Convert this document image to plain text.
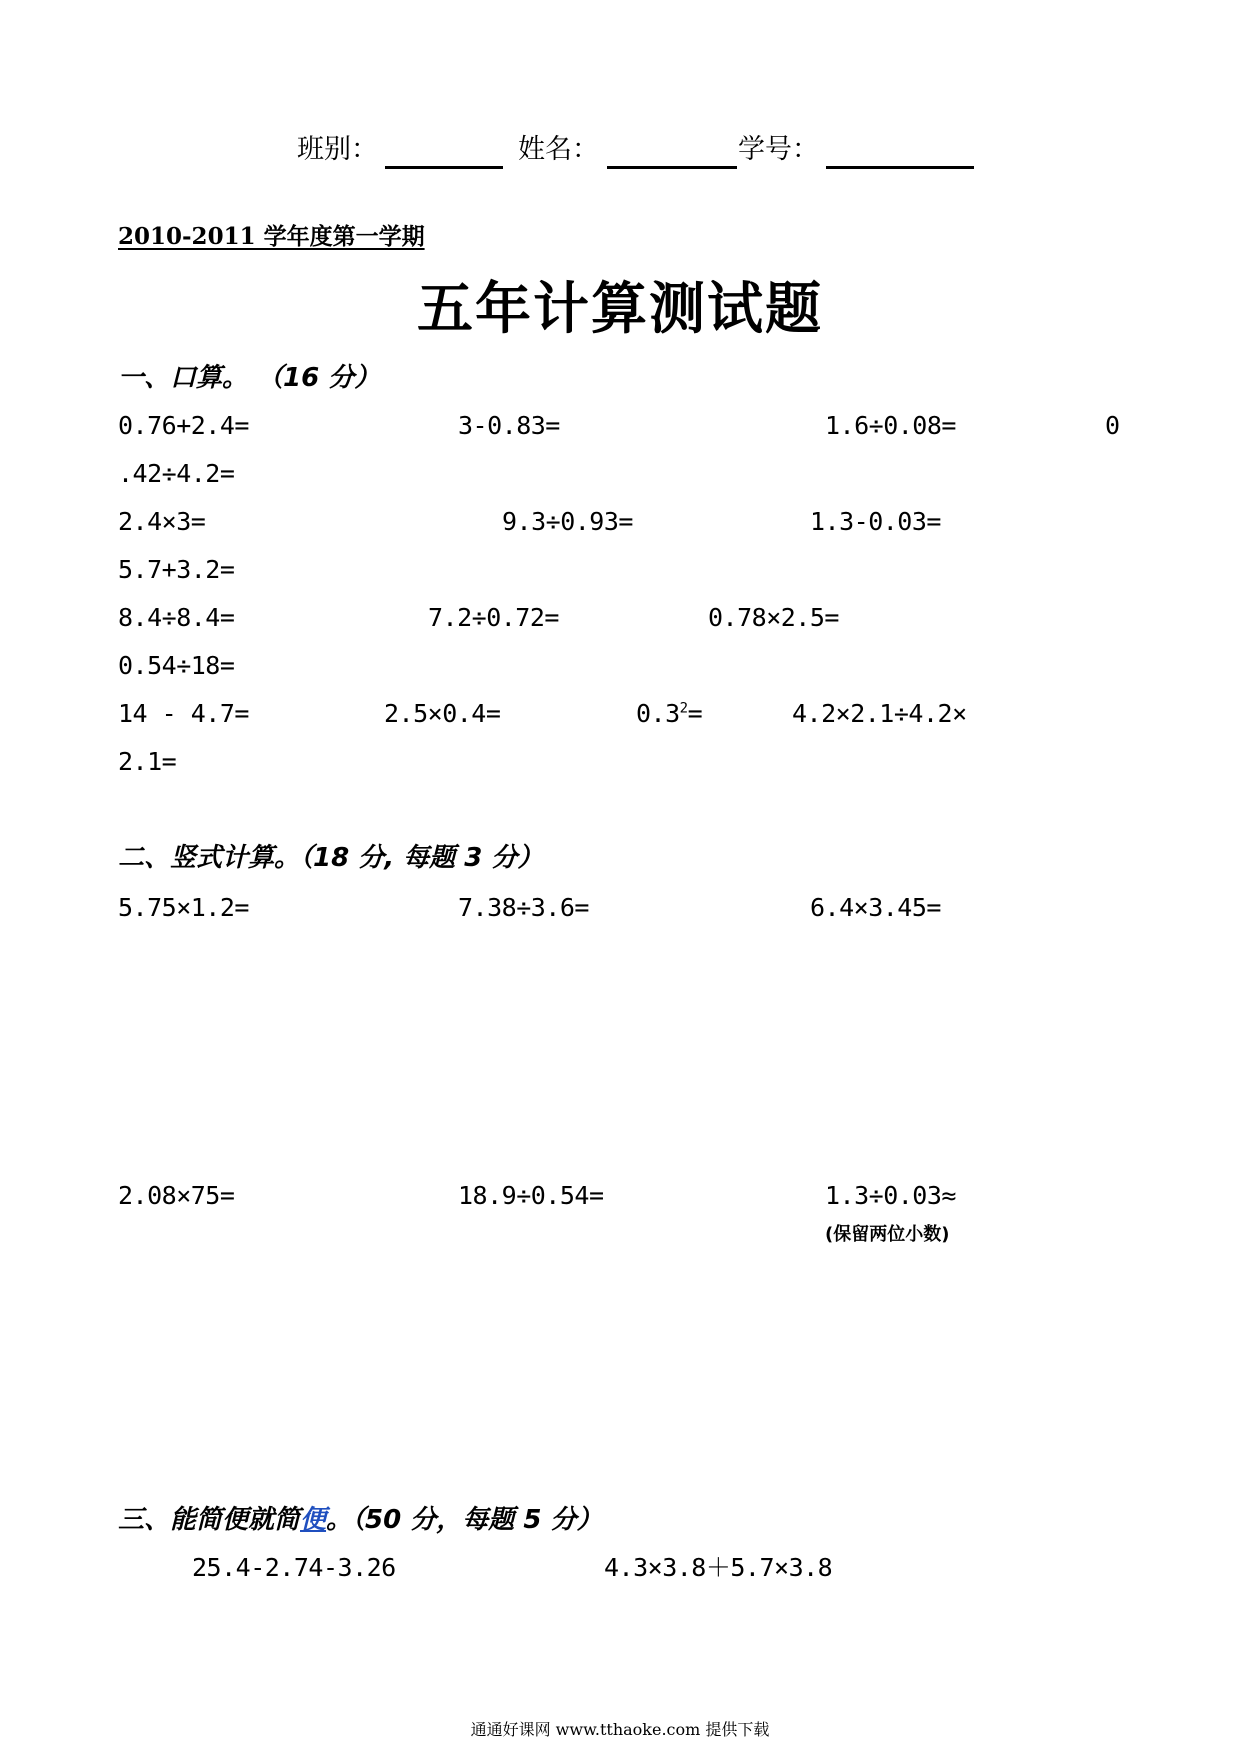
班别：	姓名：	学号：
2010-2011 学年度第一学期
五年计算测试题
一、口算。 （16 分）
0.76+2.4=	3-0.83=	1.6÷0.08=	0
.42÷4.2=
2.4×3=	9.3÷0.93=	1.3-0.03=
5.7+3.2=
8.4÷8.4=	7.2÷0.72=	0.78×2.5=
0.54÷18=
14 - 4.7=	2.5×0.4=	$0.3^2=$	4.2×2.1÷4.2×
2.1=
二、竖式计算。（18 分, 每题 3 分）
5.75×1.2=	7.38÷3.6=	6.4×3.45=
2.08×75=	18.9÷0.54=	1.3÷0.03≈
(保留两位小数)
三、能简便就简便。（50 分，每题 5 分）
25.4-2.74-3.26	4.3×3.8＋5.7×3.8
通通好课网 www.tthaoke.com 提供下载
